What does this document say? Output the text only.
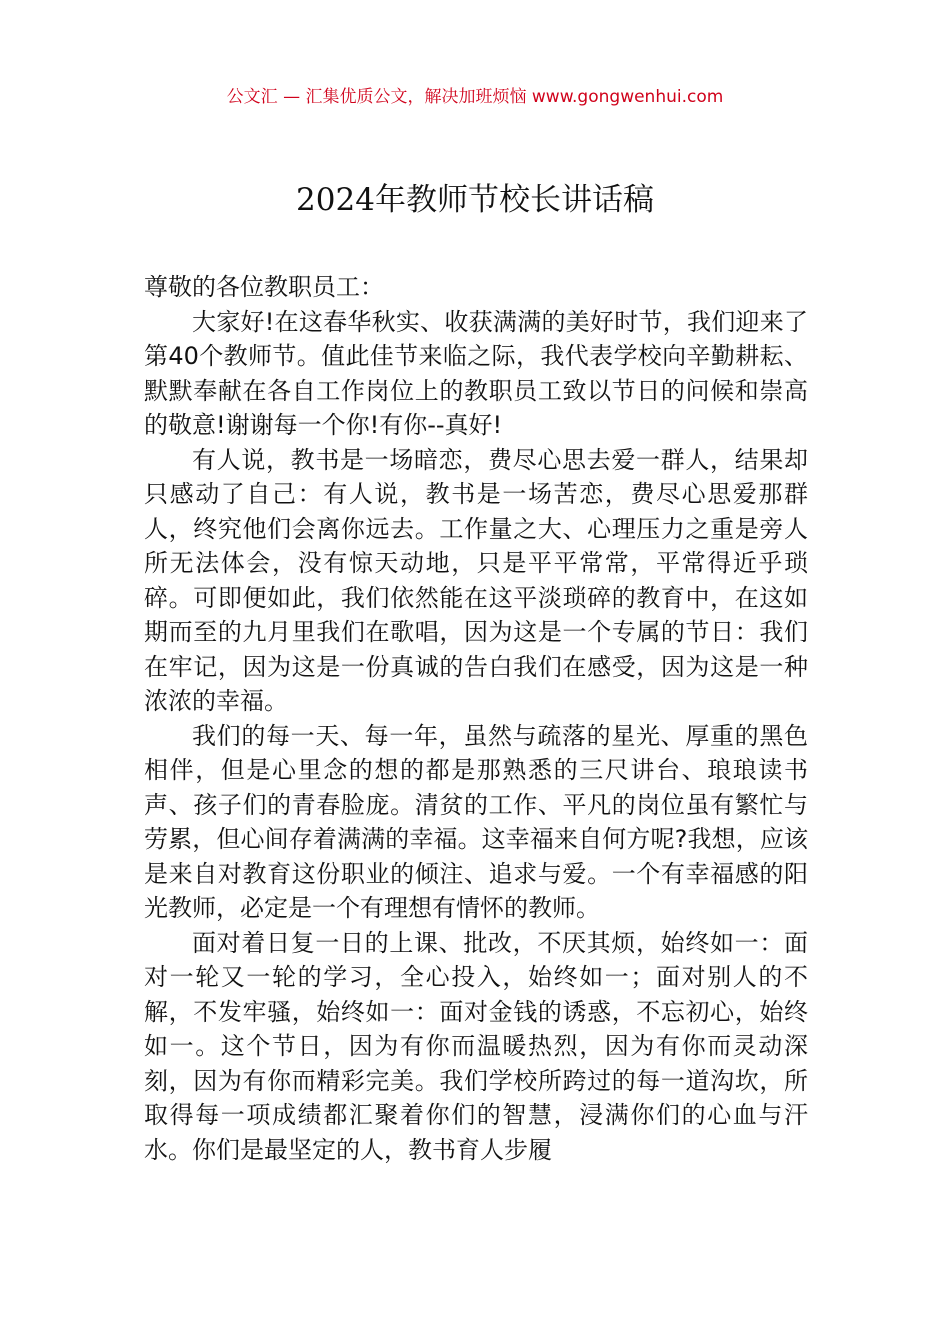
公文汇 — 汇集优质公文，解决加班烦恼 www.gongwenhui.com
2024年教师节校长讲话稿

尊敬的各位教职员工：

大家好!在这春华秋实、收获满满的美好时节，我们迎来了第40个教师节。值此佳节来临之际，我代表学校向辛勤耕耘、默默奉献在各自工作岗位上的教职员工致以节日的问候和崇高的敬意!谢谢每一个你!有你--真好!

有人说，教书是一场暗恋，费尽心思去爱一群人，结果却只感动了自己：有人说，教书是一场苦恋，费尽心思爱那群人，终究他们会离你远去。工作量之大、心理压力之重是旁人所无法体会，没有惊天动地，只是平平常常，平常得近乎琐碎。可即便如此，我们依然能在这平淡琐碎的教育中，在这如期而至的九月里我们在歌唱，因为这是一个专属的节日：我们在牢记，因为这是一份真诚的告白我们在感受，因为这是一种浓浓的幸福。

我们的每一天、每一年，虽然与疏落的星光、厚重的黑色相伴，但是心里念的想的都是那熟悉的三尺讲台、琅琅读书声、孩子们的青春脸庞。清贫的工作、平凡的岗位虽有繁忙与劳累，但心间存着满满的幸福。这幸福来自何方呢?我想，应该是来自对教育这份职业的倾注、追求与爱。一个有幸福感的阳光教师，必定是一个有理想有情怀的教师。

面对着日复一日的上课、批改，不厌其烦，始终如一：面对一轮又一轮的学习，全心投入，始终如一；面对别人的不解，不发牢骚，始终如一：面对金钱的诱惑，不忘初心，始终如一。这个节日，因为有你而温暖热烈，因为有你而灵动深刻，因为有你而精彩完美。我们学校所跨过的每一道沟坎，所取得每一项成绩都汇聚着你们的智慧，浸满你们的心血与汗水。你们是最坚定的人，教书育人步履
